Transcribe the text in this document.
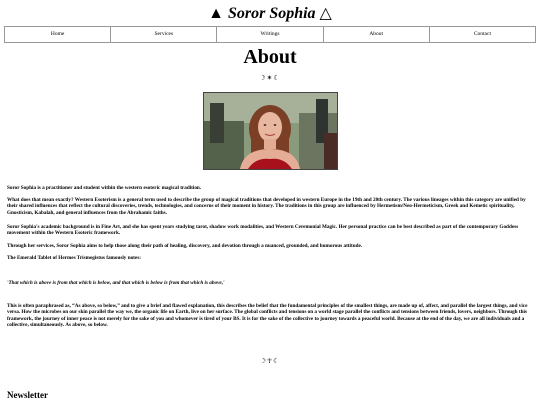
▲ Soror Sophia △
Home	Services	Writings	About	Contact
About
☽✶☾

Soror Sophia is a practitioner and student within the western esoteric magical tradition.

What does that mean exactly? Western Esoterism is a general term used to describe the group of magical traditions that developed in western Europe in the 19th and 20th century. The various lineages within this category are unified by their shared influences that reflect the cultural discoveries, trends, technologies, and concerns of their moment in history. The traditions in this group are influenced by Hermetism/Neo-Hermeticism, Greek and Kemetic spirituality, Gnosticism, Kabalah, and general influences from the Abrahamic faiths.

Soror Sophia's academic background is in Fine Art, and she has spent years studying tarot, shadow work modalities, and Western Ceremonial Magic. Her personal practice can be best described as part of the contemporary Goddess movement within the Western Esoteric framework.

Through her services, Soror Sophia aims to help those along their path of healing, discovery, and devotion through a nuanced, grounded, and humorous attitude.

The Emerald Tablet of Hermes Trismegistus famously notes:

'That which is above is from that which is below, and that which is below is from that which is above,'

This is often paraphrased as, “As above, so below,” and to give a brief and flawed explanation, this describes the belief that the fundamental principles of the smallest things, are made up of, affect, and parallel the largest things, and vice versa. How the microbes on our skin parallel the way we, the organic life on Earth, live on her surface. The global conflicts and tensions on a world stage parallel the conflicts and tensions between friends, lovers, neighbors. Through this framework, the journey of inner peace is not merely for the sake of you and whomever is tired of your BS. It is for the sake of the collective to journey towards a peaceful world. Because at the end of the day, we are all individuals and a collective, simultaneously. As above, so below.

☽☥☾
Newsletter
